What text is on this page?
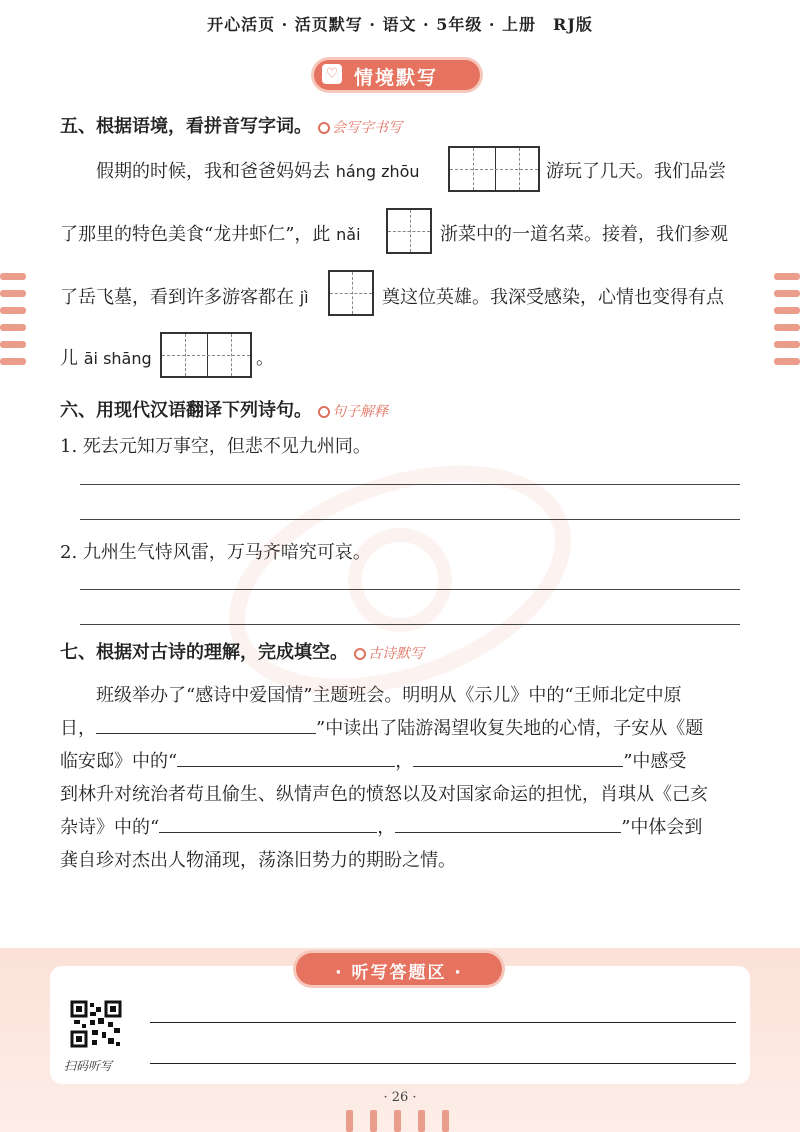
开心活页 · 活页默写 · 语文 · 5年级 · 上册　RJ版
♡ 情境默写
五、根据语境，看拼音写字词。 会写字书写
假期的时候，我和爸爸妈妈去 háng zhōu	游玩了几天。我们品尝
了那里的特色美食“龙井虾仁”，此 nǎi	浙菜中的一道名菜。接着，我们参观
了岳飞墓，看到许多游客都在 jì	奠这位英雄。我深受感染，心情也变得有点
儿 āi shāng	。
六、用现代汉语翻译下列诗句。 句子解释
1. 死去元知万事空，但悲不见九州同。
2. 九州生气恃风雷，万马齐喑究可哀。
七、根据对古诗的理解，完成填空。 古诗默写
班级举办了“感诗中爱国情”主题班会。明明从《示儿》中的“王师北定中原
日，	”中读出了陆游渴望收复失地的心情，子安从《题
临安邸》中的“	，	”中感受
到林升对统治者苟且偷生、纵情声色的愤怒以及对国家命运的担忧，肖琪从《己亥
杂诗》中的“	，	”中体会到
龚自珍对杰出人物涌现，荡涤旧势力的期盼之情。
· 听写答题区 ·
扫码听写
· 26 ·
